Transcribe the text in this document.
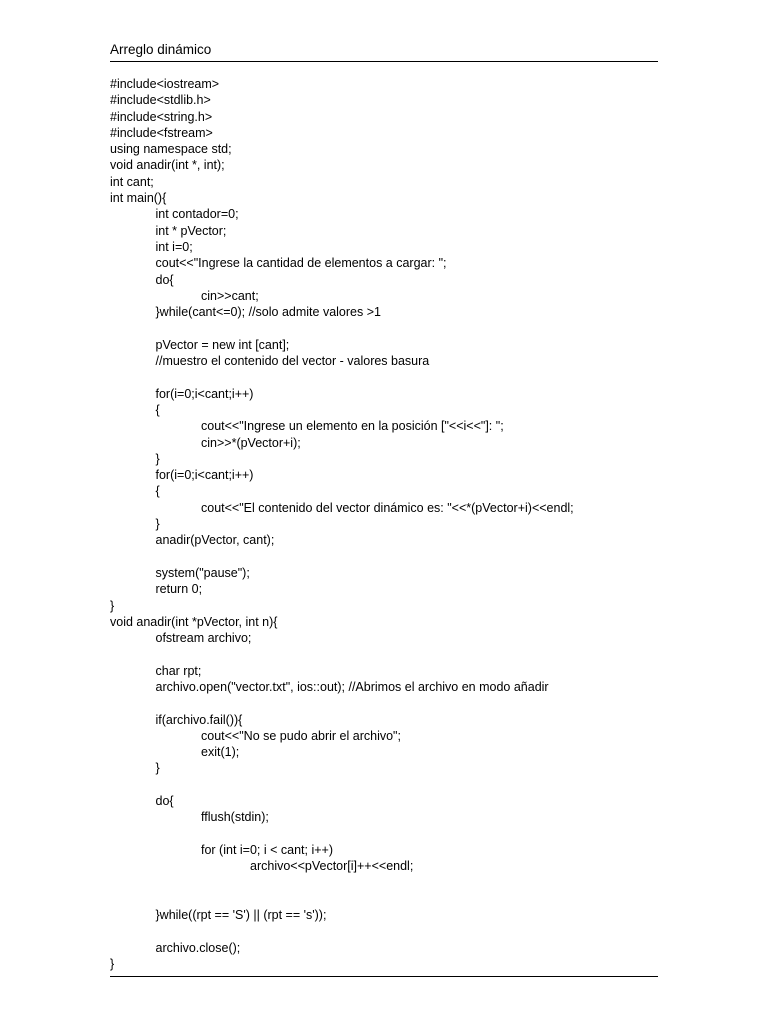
Arreglo dinámico
#include<iostream>
#include<stdlib.h>
#include<string.h>
#include<fstream>
using namespace std;
void anadir(int *, int);
int cant;
int main(){
int contador=0;
int * pVector;
int i=0;
cout<<"Ingrese la cantidad de elementos a cargar: ";
do{
cin>>cant;
}while(cant<=0); //solo admite valores >1
pVector = new int [cant];
//muestro el contenido del vector - valores basura
for(i=0;i<cant;i++)
{
cout<<"Ingrese un elemento en la posición ["<<i<<"]: ";
cin>>*(pVector+i);
}
for(i=0;i<cant;i++)
{
cout<<"El contenido del vector dinámico es: "<<*(pVector+i)<<endl;
}
anadir(pVector, cant);
system("pause");
return 0;
}
void anadir(int *pVector, int n){
ofstream archivo;
char rpt;
archivo.open("vector.txt", ios::out); //Abrimos el archivo en modo añadir
if(archivo.fail()){
cout<<"No se pudo abrir el archivo";
exit(1);
}
do{
fflush(stdin);
for (int i=0; i < cant; i++)
archivo<<pVector[i]++<<endl;
}while((rpt == 'S') || (rpt == 's'));
archivo.close();
}
